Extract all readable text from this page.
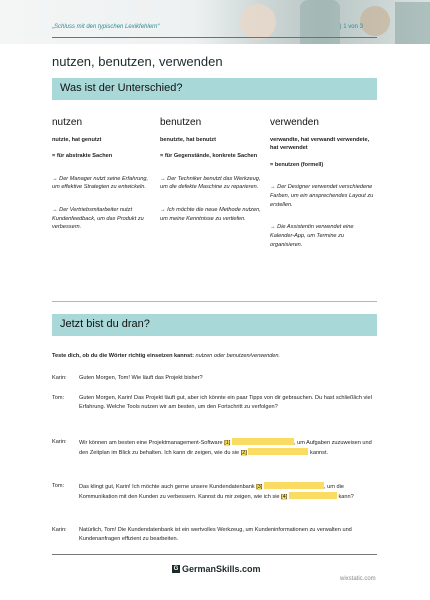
„Schluss mit den typischen Lexikfehlern“	| 1 von 3
nutzen, benutzen, verwenden
Was ist der Unterschied?
nutzen
nutzte, hat genutzt
= für abstrakte Sachen
→ Der Manager nutzt seine Erfahrung, um effektive Strategien zu entwickeln.
→ Der Vertriebsmitarbeiter nutzt Kundenfeedback, um das Produkt zu verbessern.
benutzen
benutzte, hat benutzt
= für Gegenstände, konkrete Sachen
→ Der Techniker benutzt das Werkzeug, um die defekte Maschine zu reparieren.
→ Ich möchte die neue Methode nutzen, um meine Kenntnisse zu vertiefen.
verwenden
verwandte, hat verwandt verwendete, hat verwendet
= benutzen (formell)
→ Der Designer verwendet verschiedene Farben, um ein ansprechendes Layout zu erstellen.
→ Die Assistentin verwendet eine Kalender-App, um Termine zu organisieren.
Jetzt bist du dran?
Teste dich, ob du die Wörter richtig einsetzen kannst: nutzen oder benutzen/verwenden.
Karin: Guten Morgen, Tom! Wie läuft das Projekt bisher?
Tom:	Guten Morgen, Karin! Das Projekt läuft gut, aber ich könnte ein paar Tipps von dir gebrauchen. Du hast schließlich viel Erfahrung. Welche Tools nutzen wir am besten, um den Fortschritt zu verfolgen?
Karin: Wir können am besten eine Projektmanagement-Software [1]	, um Aufgaben zuzuweisen und den Zeitplan im Blick zu behalten. Ich kann dir zeigen, wie du sie [2]	kannst.
Tom:	Das klingt gut, Karin! Ich möchte auch gerne unsere Kundendatenbank [3]	, um die Kommunikation mit den Kunden zu verbessern. Kannst du mir zeigen, wie ich sie [4]	kann?
Karin: Natürlich, Tom! Die Kundendatenbank ist ein wertvolles Werkzeug, um Kundeninformationen zu verwalten und Kundenanfragen effizient zu bearbeiten.
G GermanSkills.com
wixstatic.com
